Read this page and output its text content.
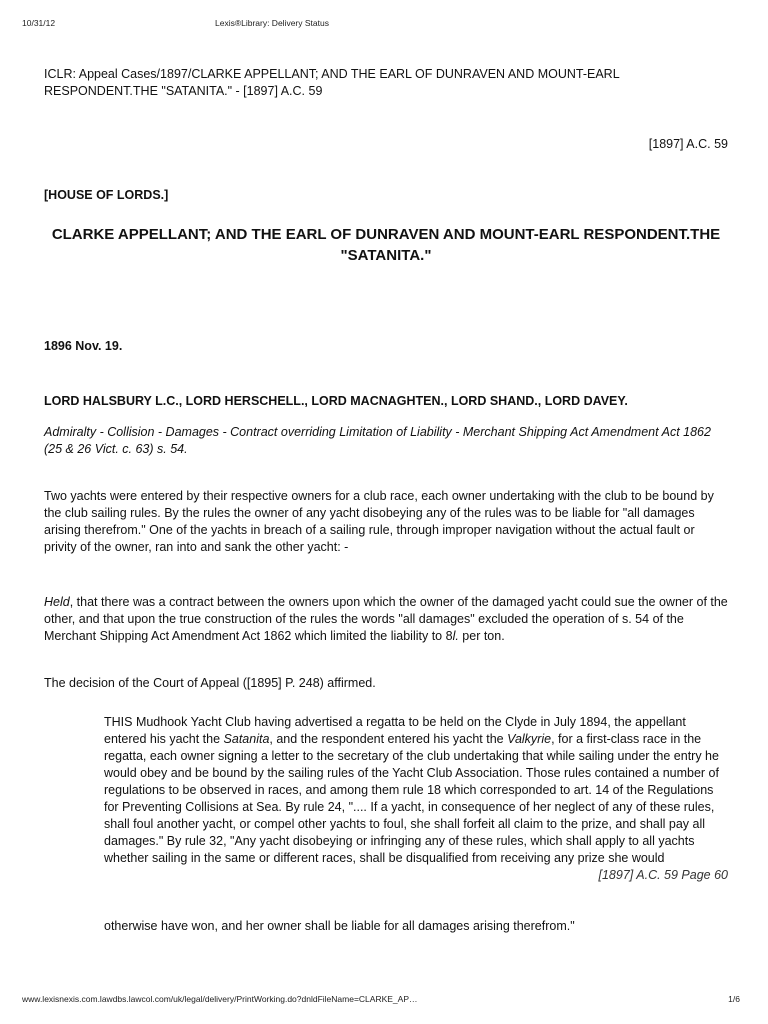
10/31/12	Lexis®Library: Delivery Status

ICLR: Appeal Cases/1897/CLARKE APPELLANT; AND THE EARL OF DUNRAVEN AND MOUNT-EARL RESPONDENT.THE "SATANITA." - [1897] A.C. 59

[1897] A.C. 59

[HOUSE OF LORDS.]

CLARKE APPELLANT; AND THE EARL OF DUNRAVEN AND MOUNT-EARL RESPONDENT.THE "SATANITA."

1896 Nov. 19.

LORD HALSBURY L.C., LORD HERSCHELL., LORD MACNAGHTEN., LORD SHAND., LORD DAVEY.

Admiralty - Collision - Damages - Contract overriding Limitation of Liability - Merchant Shipping Act Amendment Act 1862 (25 & 26 Vict. c. 63) s. 54.

Two yachts were entered by their respective owners for a club race, each owner undertaking with the club to be bound by the club sailing rules. By the rules the owner of any yacht disobeying any of the rules was to be liable for "all damages arising therefrom." One of the yachts in breach of a sailing rule, through improper navigation without the actual fault or privity of the owner, ran into and sank the other yacht: -

Held, that there was a contract between the owners upon which the owner of the damaged yacht could sue the owner of the other, and that upon the true construction of the rules the words "all damages" excluded the operation of s. 54 of the Merchant Shipping Act Amendment Act 1862 which limited the liability to 8l. per ton.

The decision of the Court of Appeal ([1895] P. 248) affirmed.

THIS Mudhook Yacht Club having advertised a regatta to be held on the Clyde in July 1894, the appellant entered his yacht the Satanita, and the respondent entered his yacht the Valkyrie, for a first-class race in the regatta, each owner signing a letter to the secretary of the club undertaking that while sailing under the entry he would obey and be bound by the sailing rules of the Yacht Club Association. Those rules contained a number of regulations to be observed in races, and among them rule 18 which corresponded to art. 14 of the Regulations for Preventing Collisions at Sea. By rule 24, ".... If a yacht, in consequence of her neglect of any of these rules, shall foul another yacht, or compel other yachts to foul, she shall forfeit all claim to the prize, and shall pay all damages." By rule 32, "Any yacht disobeying or infringing any of these rules, which shall apply to all yachts whether sailing in the same or different races, shall be disqualified from receiving any prize she would

[1897] A.C. 59 Page 60

otherwise have won, and her owner shall be liable for all damages arising therefrom."

www.lexisnexis.com.lawdbs.lawcol.com/uk/legal/delivery/PrintWorking.do?dnldFileName=CLARKE_AP…	1/6
